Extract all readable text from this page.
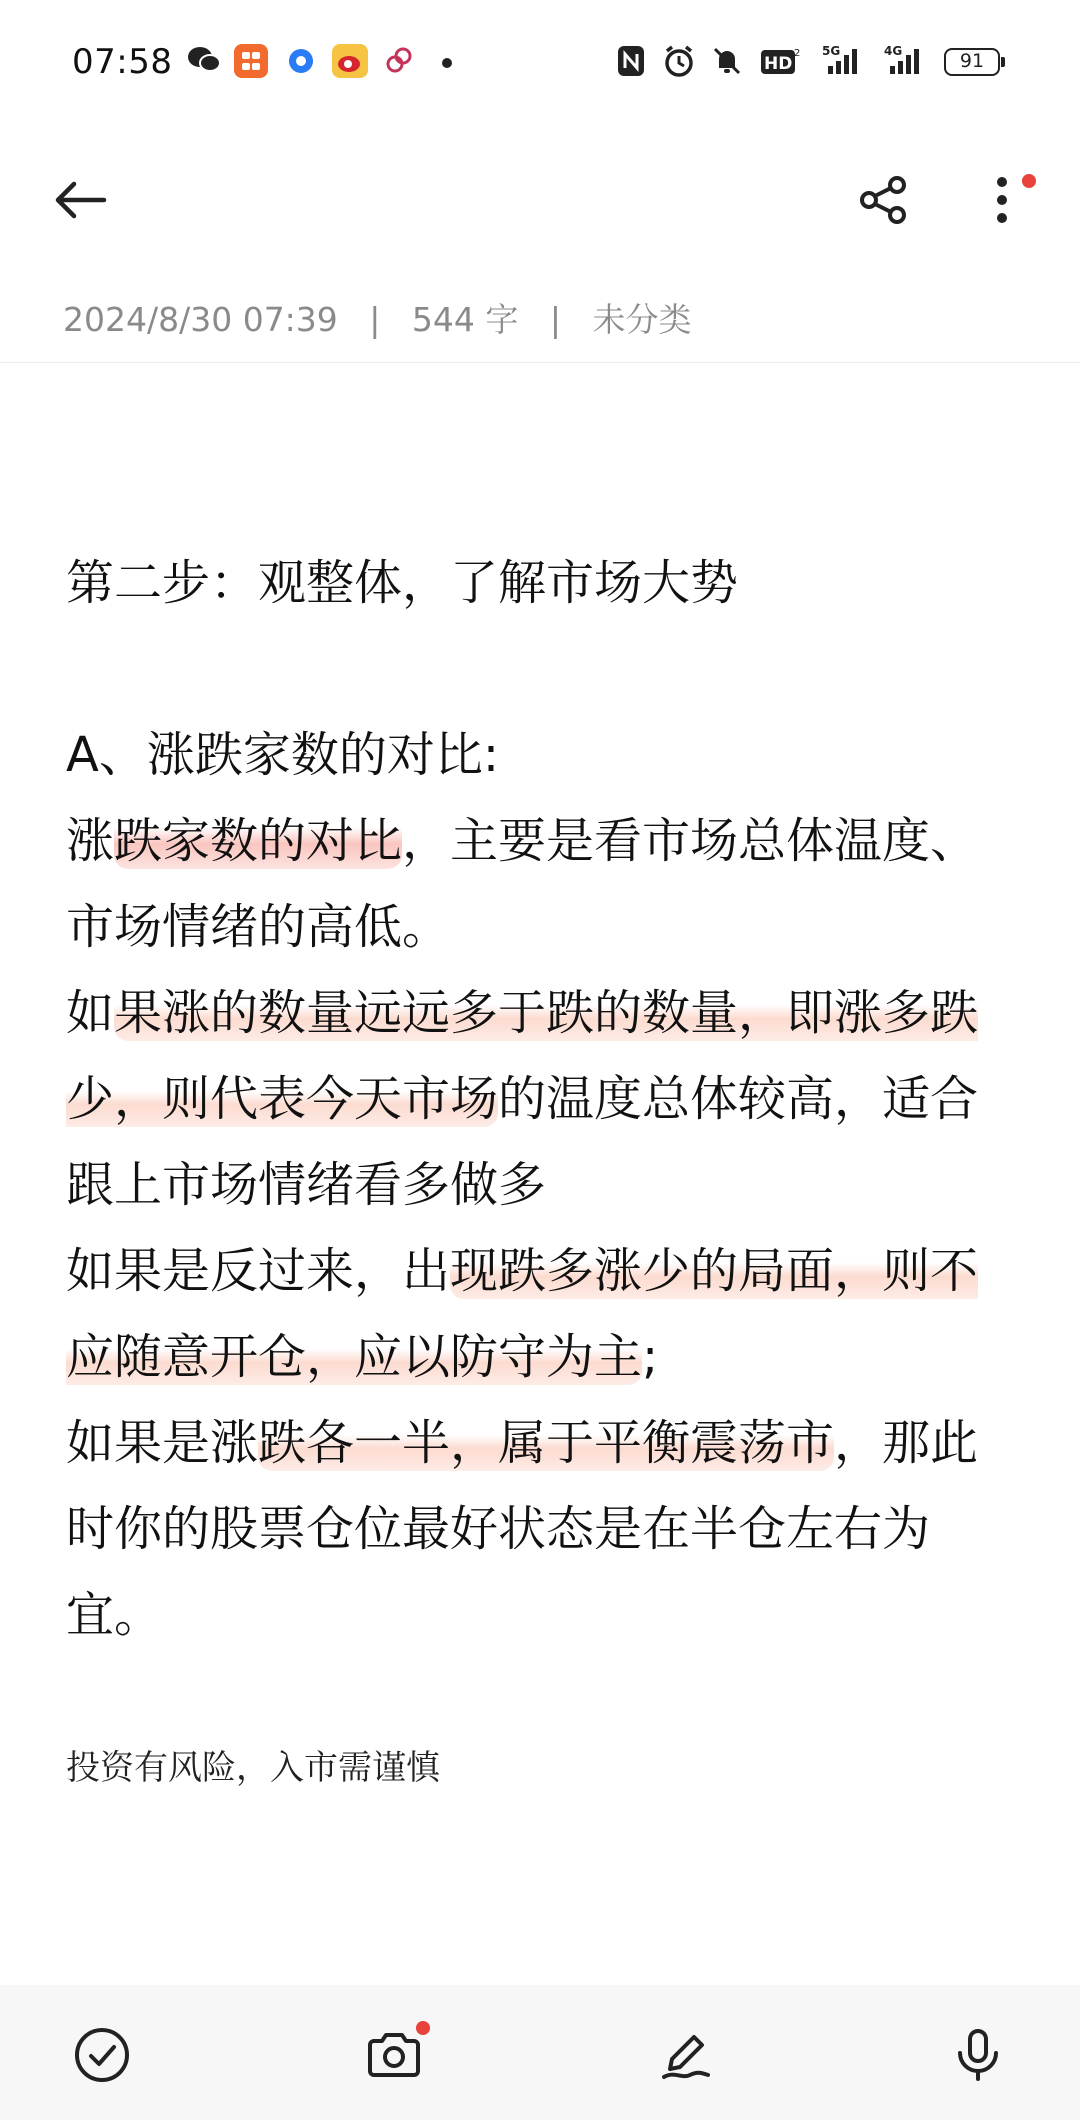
07:58	HD
2 5G	4G	91
2024/8/30 07:39 | 544 字 | 未分类
第二步：观整体，了解市场大势
A、涨跌家数的对比:
涨跌家数的对比，主要是看市场总体温度、市场情绪的高低。
如果涨的数量远远多于跌的数量，即涨多跌少，则代表今天市场的温度总体较高，适合跟上市场情绪看多做多
如果是反过来，出现跌多涨少的局面，则不应随意开仓，应以防守为主;
如果是涨跌各一半，属于平衡震荡市，那此时你的股票仓位最好状态是在半仓左右为宜。
投资有风险，入市需谨慎
